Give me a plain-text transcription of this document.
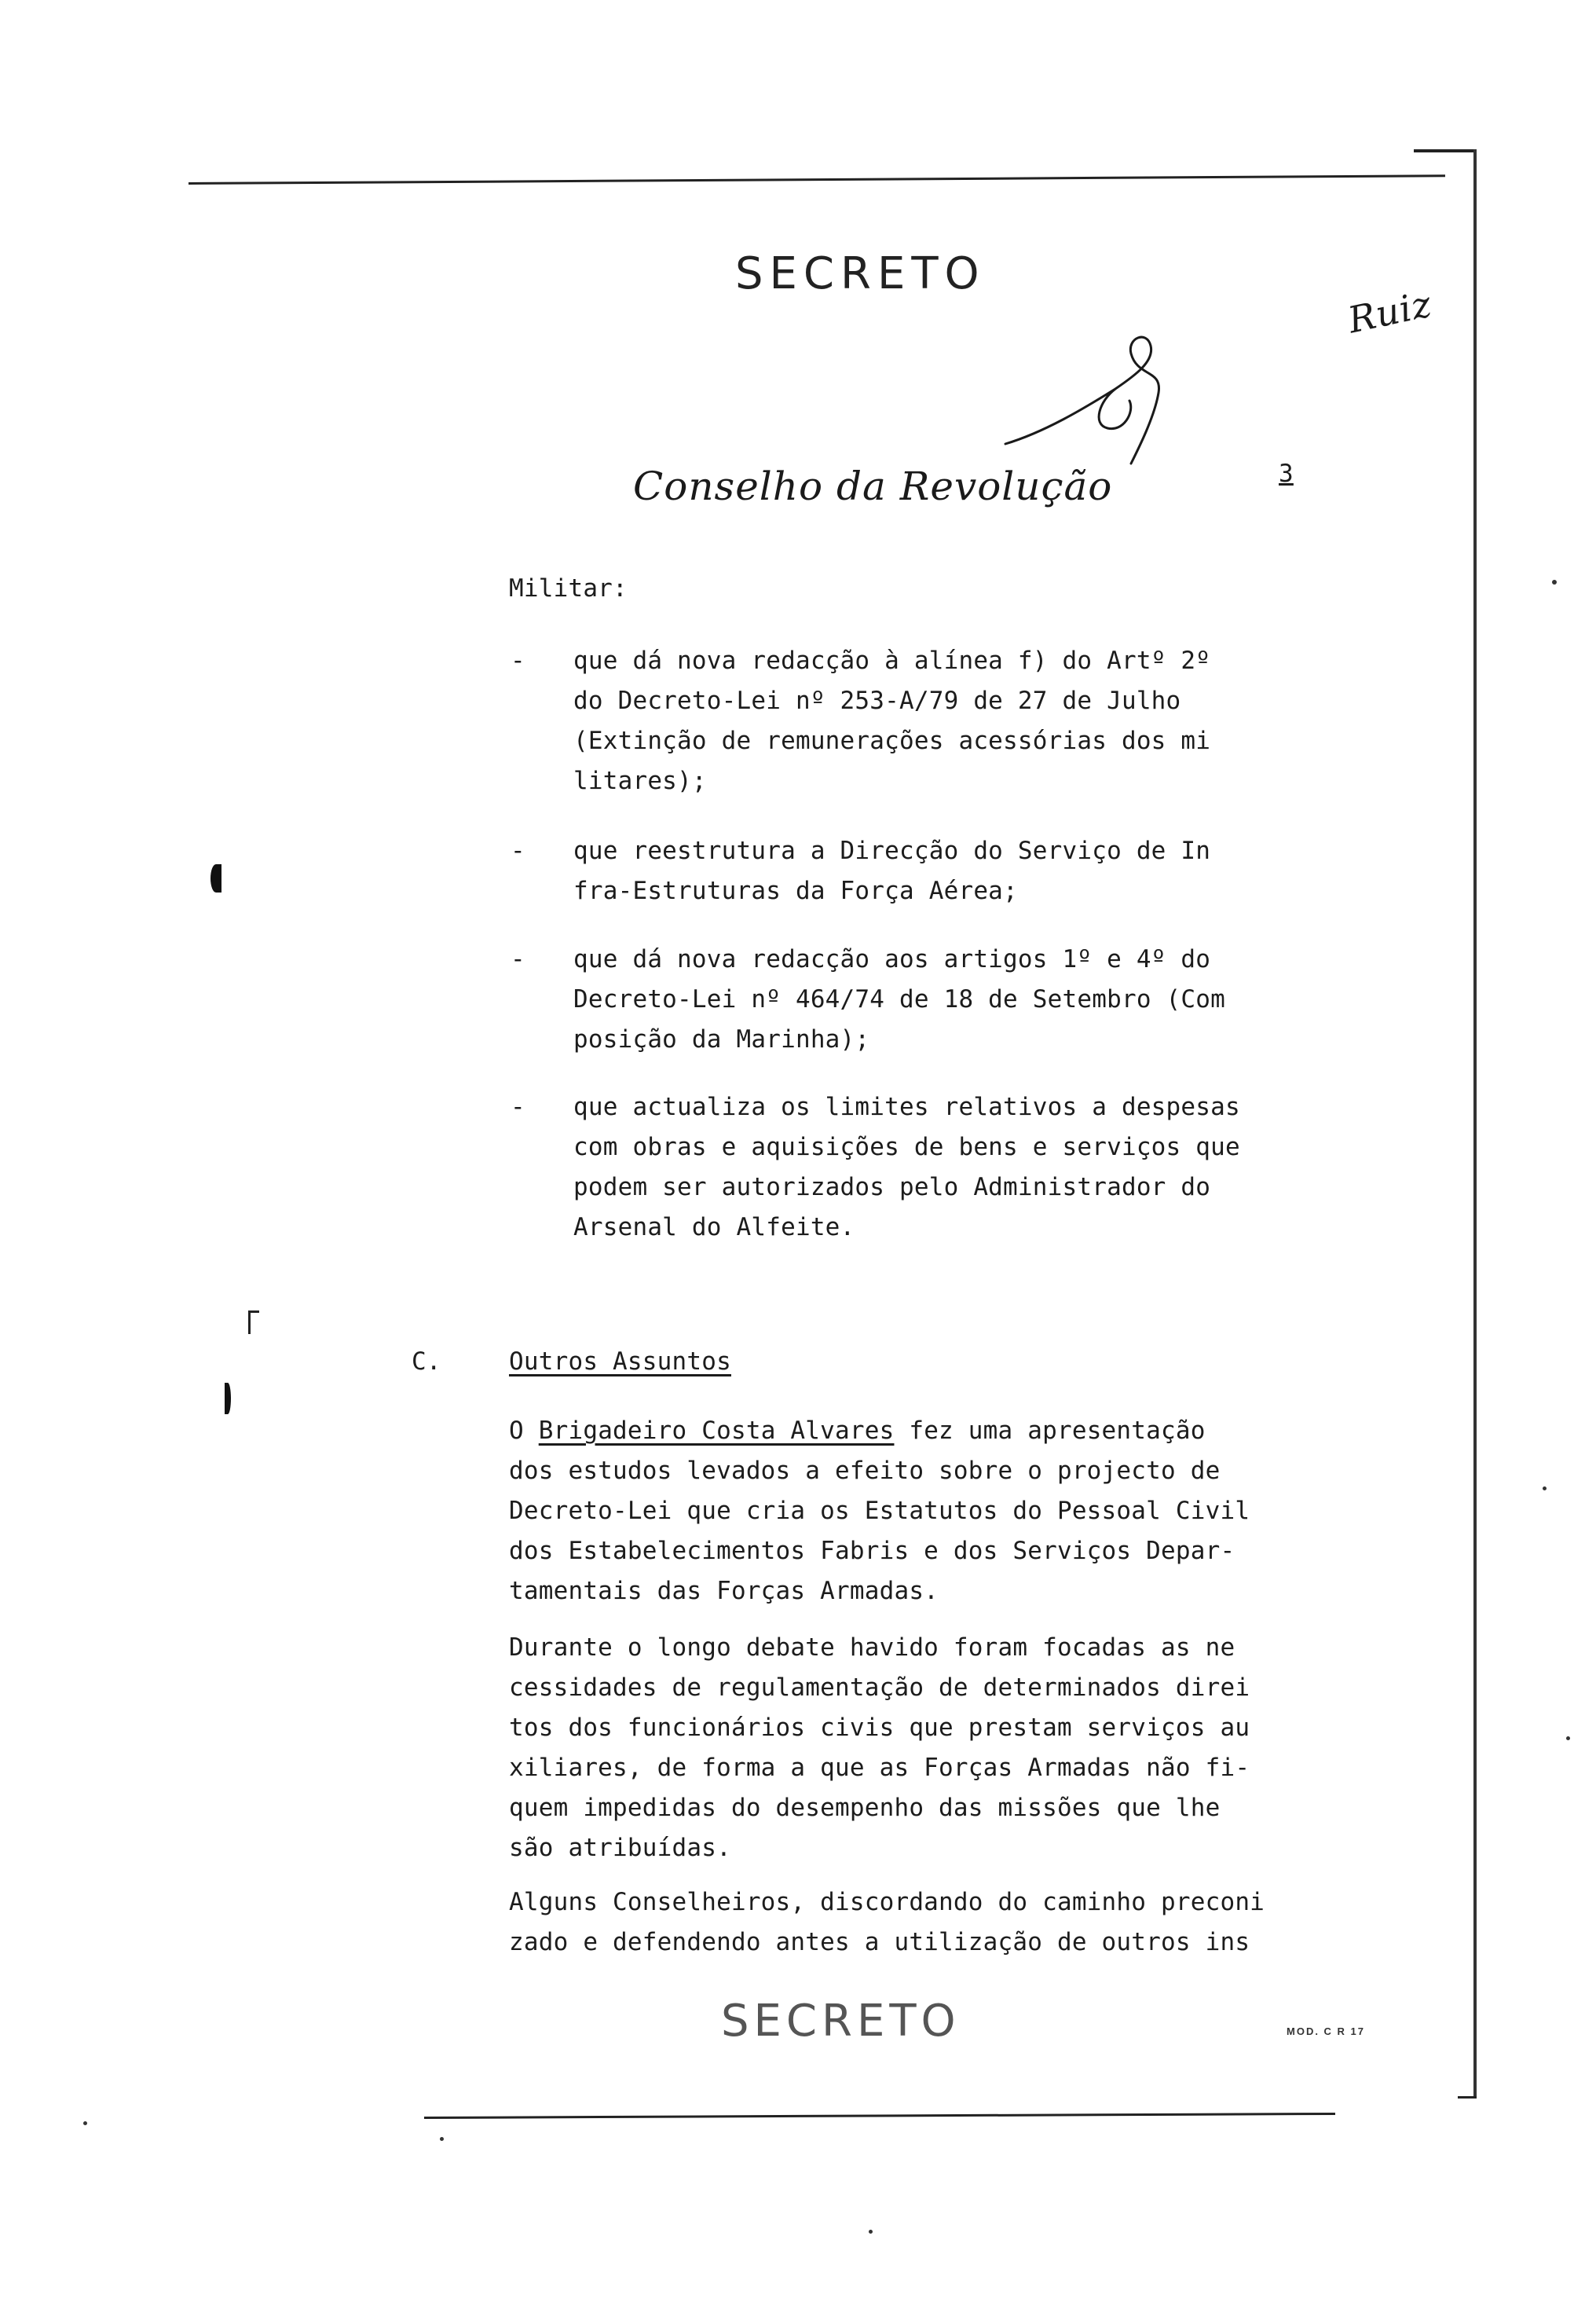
SECRETO
SECRETO
Conselho da Revolução	3
Ruiz
MOD. C R 17
Militar:
- que dá nova redacção à alínea f) do Artº 2º
do Decreto-Lei nº 253-A/79 de 27 de Julho
(Extinção de remunerações acessórias dos mi
litares);
- que reestrutura a Direcção do Serviço de In
fra-Estruturas da Força Aérea;
- que dá nova redacção aos artigos 1º e 4º do
Decreto-Lei nº 464/74 de 18 de Setembro (Com
posição da Marinha);
- que actualiza os limites relativos a despesas
com obras e aquisições de bens e serviços que
podem ser autorizados pelo Administrador do
Arsenal do Alfeite.
C.	Outros Assuntos
O Brigadeiro Costa Alvares fez uma apresentação
dos estudos levados a efeito sobre o projecto de
Decreto-Lei que cria os Estatutos do Pessoal Civil
dos Estabelecimentos Fabris e dos Serviços Depar-
tamentais das Forças Armadas.
Durante o longo debate havido foram focadas as ne
cessidades de regulamentação de determinados direi
tos dos funcionários civis que prestam serviços au
xiliares, de forma a que as Forças Armadas não fi-
quem impedidas do desempenho das missões que lhe
são atribuídas.
Alguns Conselheiros, discordando do caminho preconi
zado e defendendo antes a utilização de outros ins
